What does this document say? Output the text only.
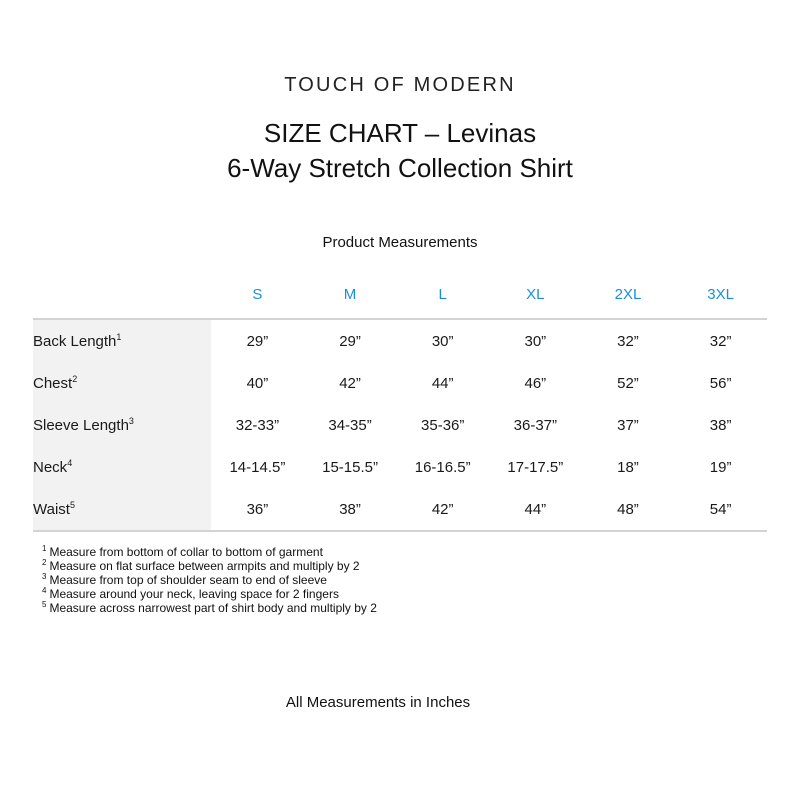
TOUCH OF MODERN
SIZE CHART – Levinas
6-Way Stretch Collection Shirt
Product Measurements
	S	M	L	XL	2XL	3XL
Back Length$^1$	29”	29”	30”	30”	32”	32”
Chest$^2$	40”	42”	44”	46”	52”	56”
Sleeve Length$^3$	32-33”	34-35”	35-36”	36-37”	37”	38”
Neck$^4$	14-14.5”	15-15.5”	16-16.5”	17-17.5”	18”	19”
Waist$^5$	36”	38”	42”	44”	48”	54”
$^1$ Measure from bottom of collar to bottom of garment
$^2$ Measure on flat surface between armpits and multiply by 2
$^3$ Measure from top of shoulder seam to end of sleeve
$^4$ Measure around your neck, leaving space for 2 fingers
$^5$ Measure across narrowest part of shirt body and multiply by 2
All Measurements in Inches
